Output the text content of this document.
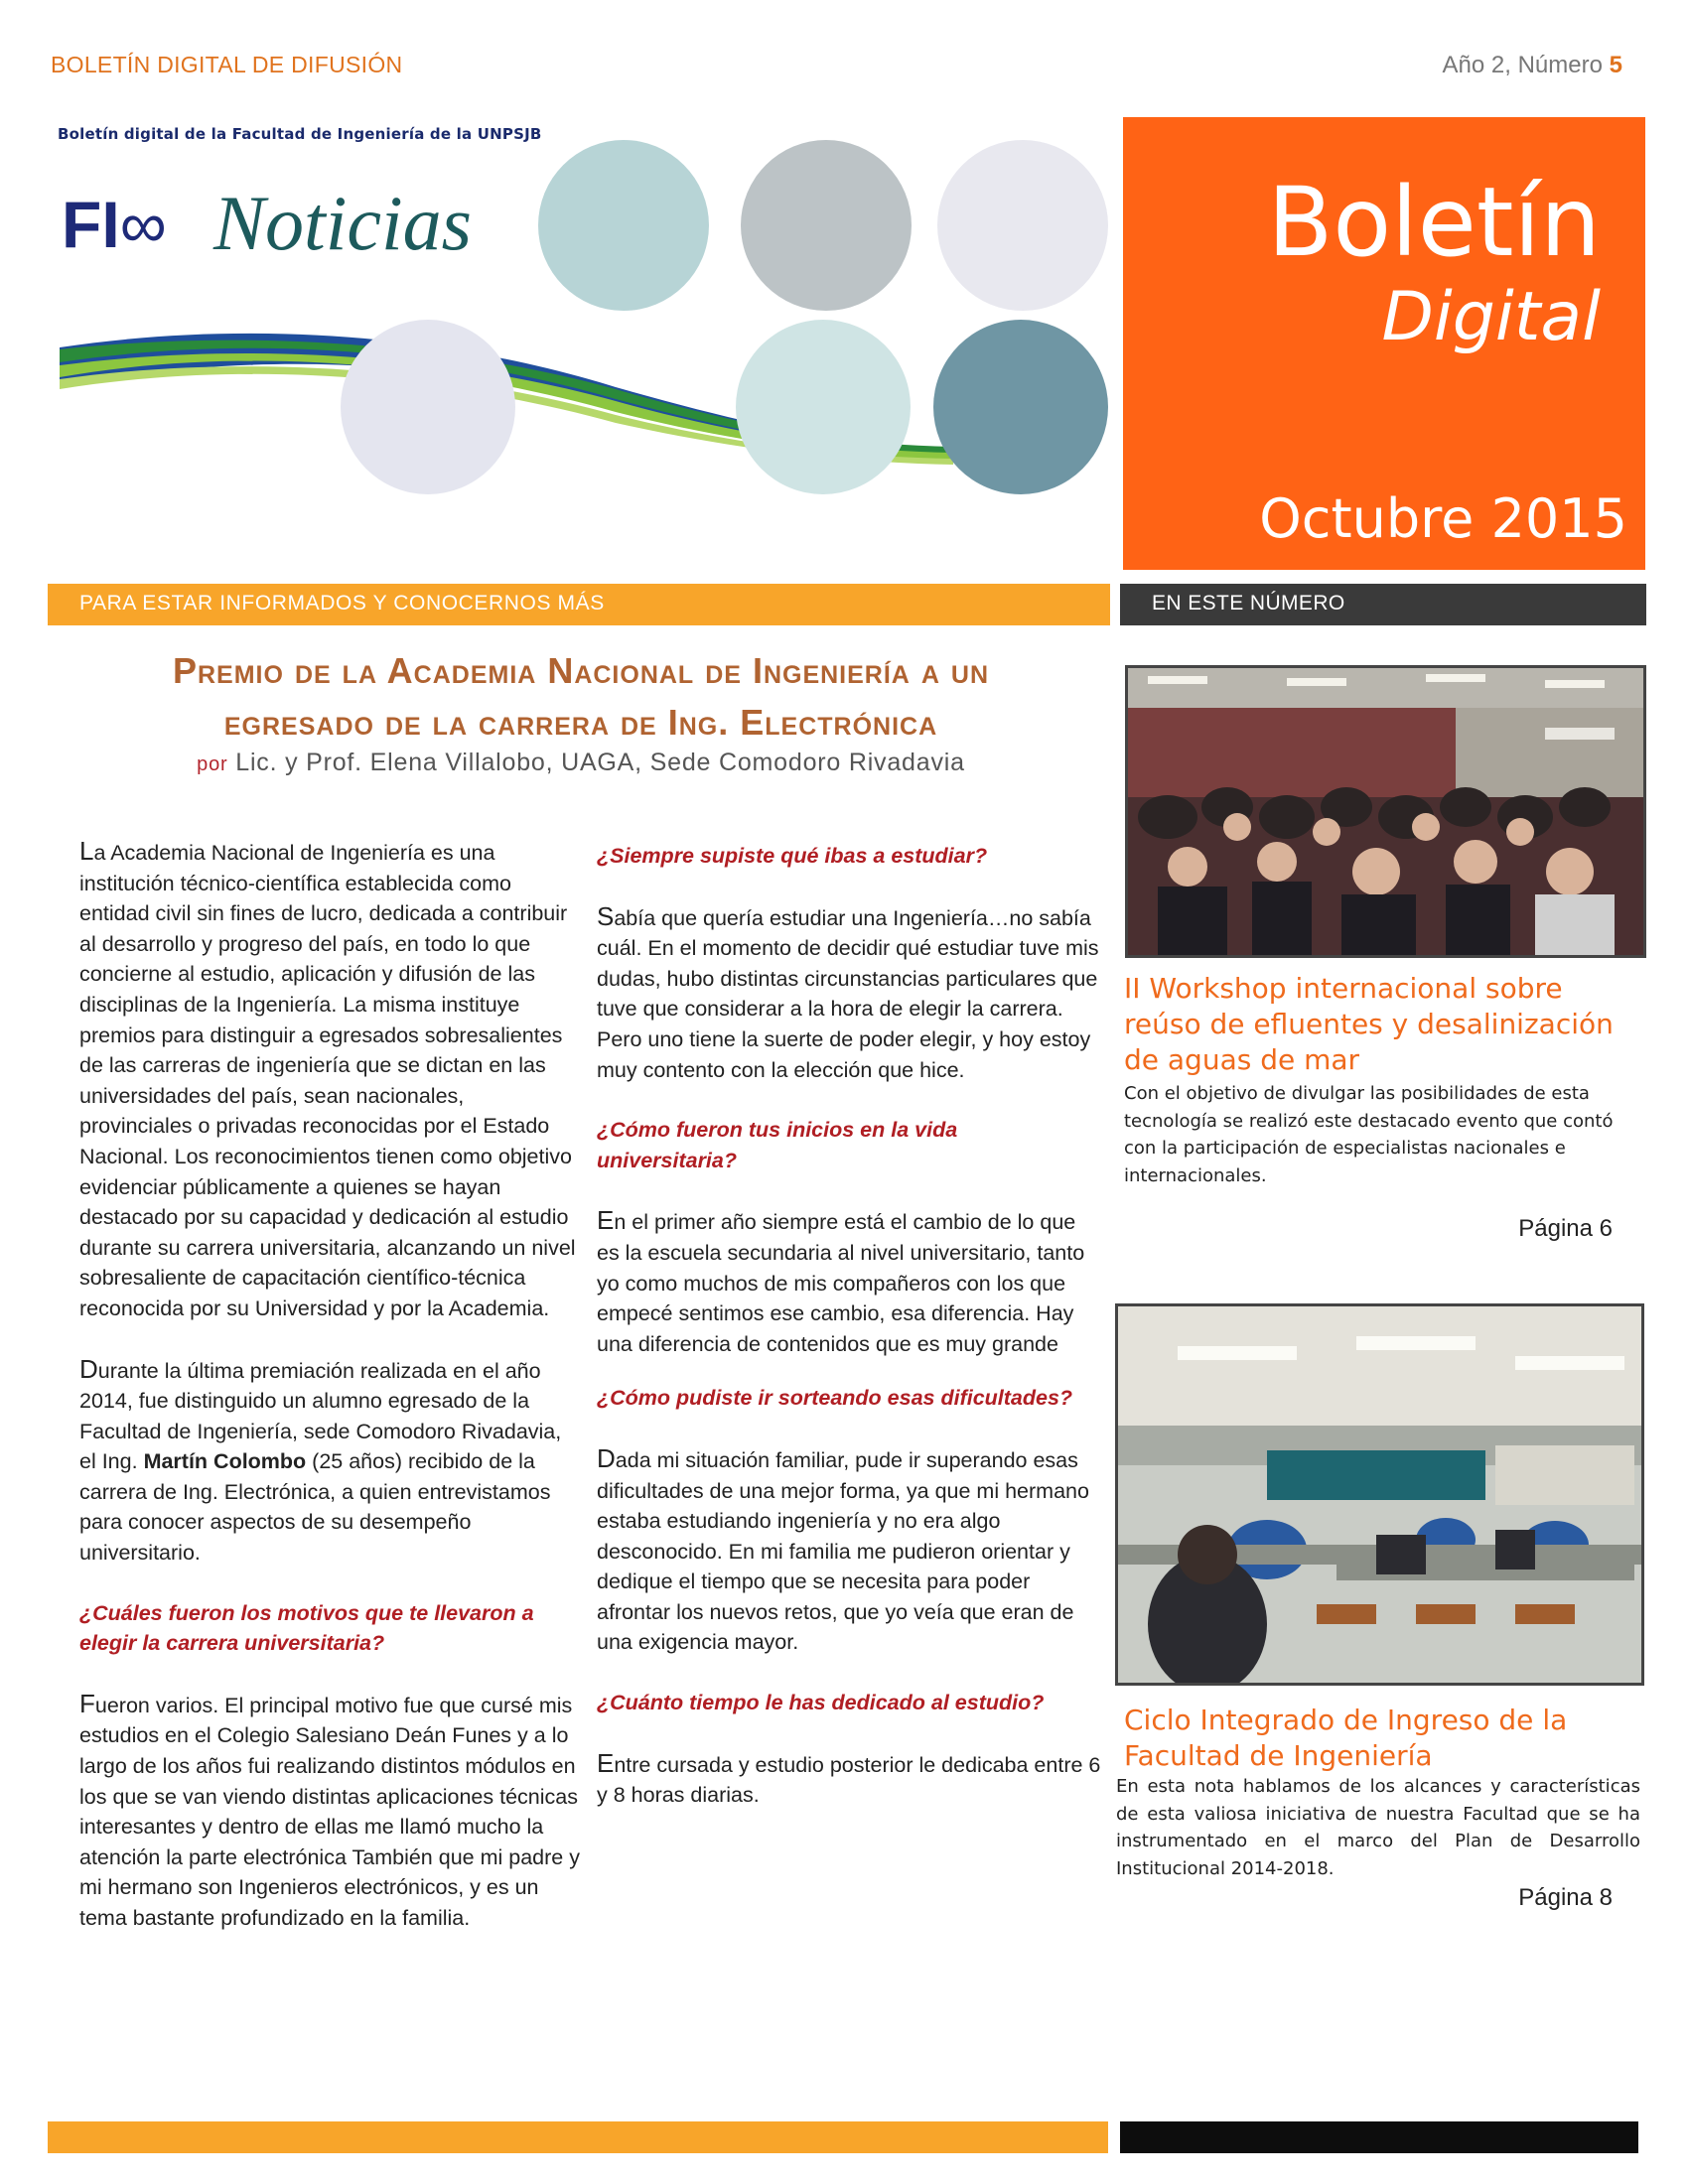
BOLETÍN DIGITAL DE DIFUSIÓN	Año 2, Número 5
Boletín digital de la Facultad de Ingeniería de la UNPSJB
FI∞ Noticias	Boletín
Digital
Octubre 2015
PARA ESTAR INFORMADOS Y CONOCERNOS MÁS	EN ESTE NÚMERO
Premio de la Academia Nacional de Ingeniería a un
egresado de la carrera de Ing. Electrónica
por Lic. y Prof. Elena Villalobo, UAGA, Sede Comodoro Rivadavia

La Academia Nacional de Ingeniería es una institución técnico-científica establecida como entidad civil sin fines de lucro, dedicada a contribuir al desarrollo y progreso del país, en todo lo que concierne al estudio, aplicación y difusión de las disciplinas de la Ingeniería. La misma instituye premios para distinguir a egresados sobresalientes de las carreras de ingeniería que se dictan en las universidades del país, sean nacionales, provinciales o privadas reconocidas por el Estado Nacional. Los reconocimientos tienen como objetivo evidenciar públicamente a quienes se hayan destacado por su capacidad y dedicación al estudio durante su carrera universitaria, alcanzando un nivel sobresaliente de capacitación científico-técnica reconocida por su Universidad y por la Academia.

Durante la última premiación realizada en el año 2014, fue distinguido un alumno egresado de la Facultad de Ingeniería, sede Comodoro Rivadavia, el Ing. Martín Colombo (25 años) recibido de la carrera de Ing. Electrónica, a quien entrevistamos para conocer aspectos de su desempeño universitario.

¿Cuáles fueron los motivos que te llevaron a elegir la carrera universitaria?

Fueron varios. El principal motivo fue que cursé mis estudios en el Colegio Salesiano Deán Funes y a lo largo de los años fui realizando distintos módulos en los que se van viendo distintas aplicaciones técnicas interesantes y dentro de ellas me llamó mucho la atención la parte electrónica También que mi padre y mi hermano son Ingenieros electrónicos, y es un tema bastante profundizado en la familia.

¿Siempre supiste qué ibas a estudiar?

Sabía que quería estudiar una Ingeniería…no sabía cuál. En el momento de decidir qué estudiar tuve mis dudas, hubo distintas circunstancias particulares que tuve que considerar a la hora de elegir la carrera. Pero uno tiene la suerte de poder elegir, y hoy estoy muy contento con la elección que hice.

¿Cómo fueron tus inicios en la vida universitaria?

En el primer año siempre está el cambio de lo que es la escuela secundaria al nivel universitario, tanto yo como muchos de mis compañeros con los que empecé sentimos ese cambio, esa diferencia. Hay una diferencia de contenidos que es muy grande

¿Cómo pudiste ir sorteando esas dificultades?

Dada mi situación familiar, pude ir superando esas dificultades de una mejor forma, ya que mi hermano estaba estudiando ingeniería y no era algo desconocido. En mi familia me pudieron orientar y dedique el tiempo que se necesita para poder afrontar los nuevos retos, que yo veía que eran de una exigencia mayor.

¿Cuánto tiempo le has dedicado al estudio?

Entre cursada y estudio posterior le dedicaba entre 6 y 8 horas diarias.

II Workshop internacional sobre reúso de efluentes y desalinización de aguas de mar
Con el objetivo de divulgar las posibilidades de esta tecnología se realizó este destacado evento que contó con la participación de especialistas nacionales e internacionales.
Página 6
Ciclo Integrado de Ingreso de la Facultad de Ingeniería
En esta nota hablamos de los alcances y características de esta valiosa iniciativa de nuestra Facultad que se ha instrumentado en el marco del Plan de Desarrollo Institucional 2014-2018.
Página 8
